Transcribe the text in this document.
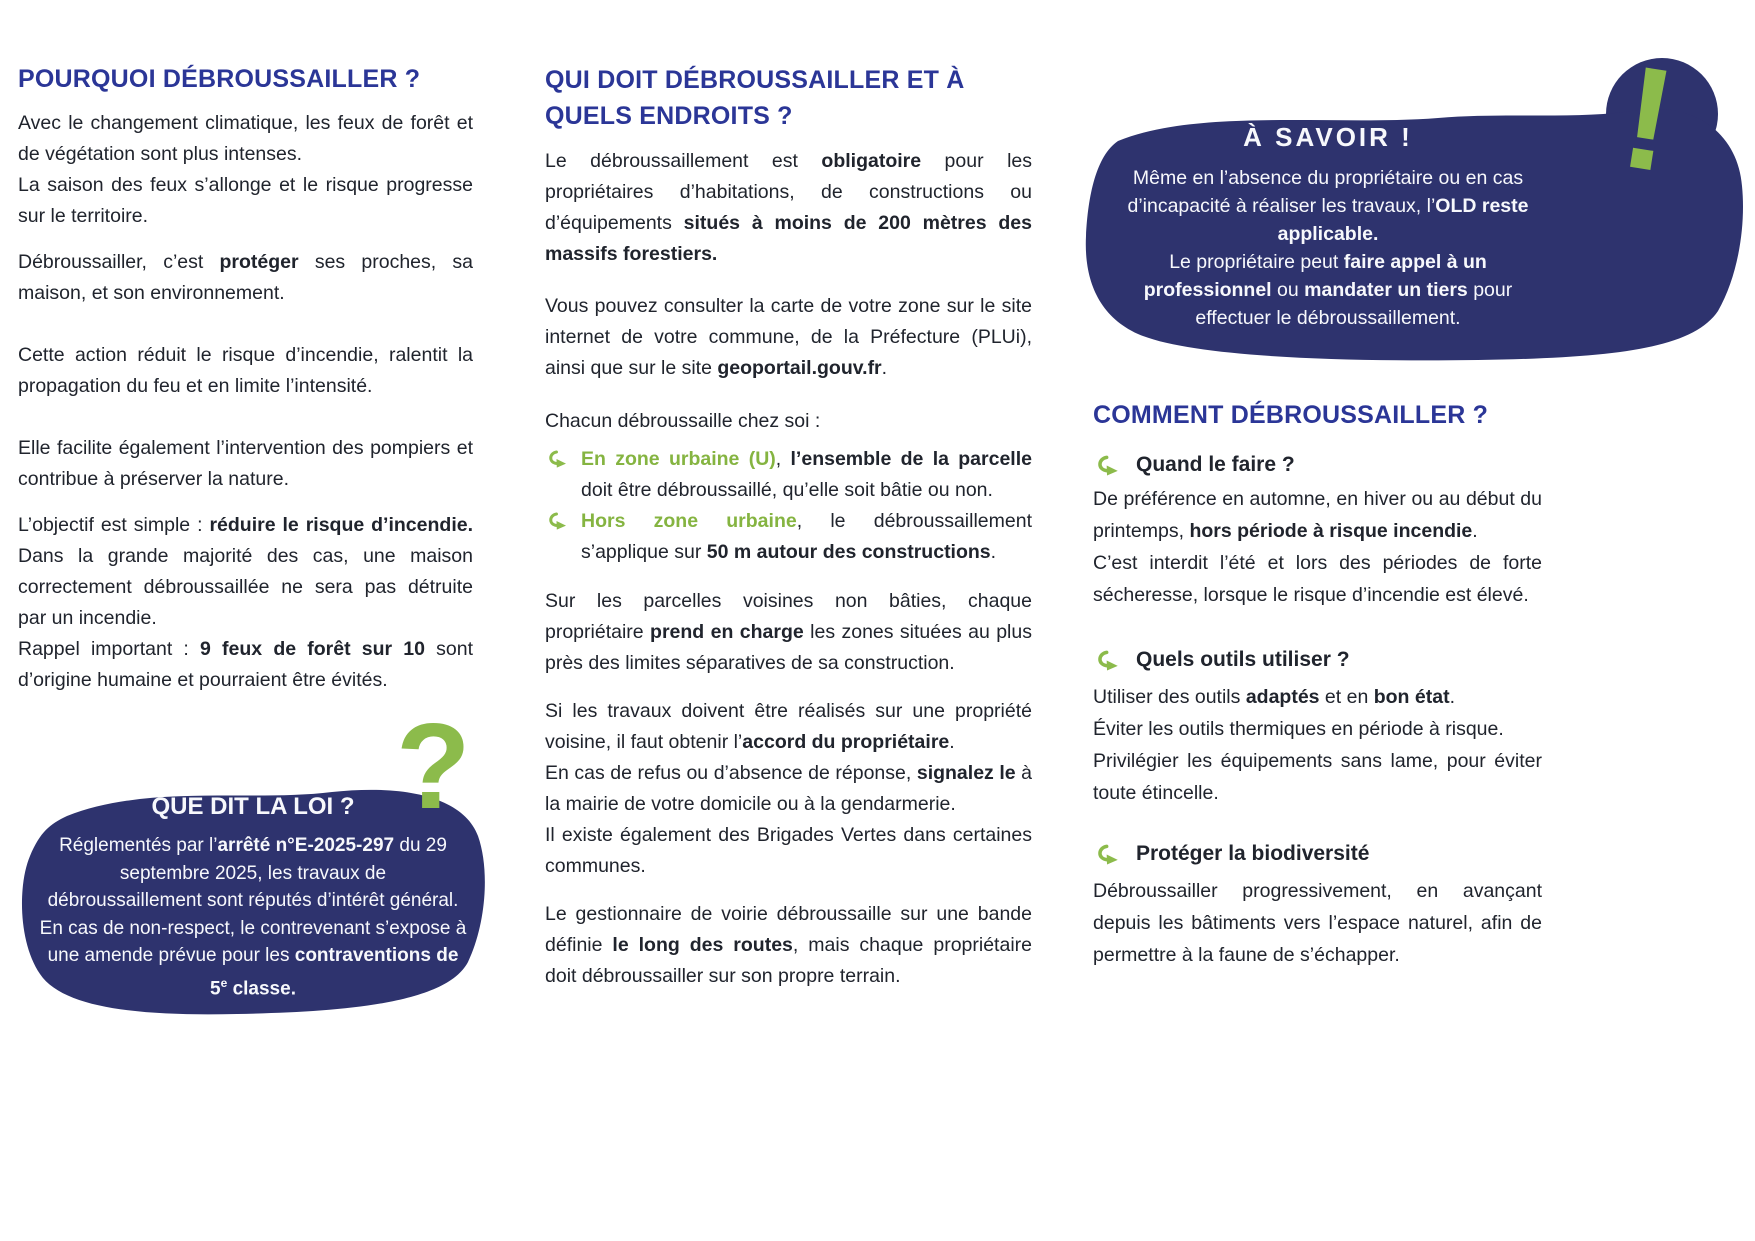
POURQUOI DÉBROUSSAILLER ?

Avec le changement climatique, les feux de forêt et de végétation sont plus intenses.

La saison des feux s’allonge et le risque progresse sur le territoire.

Débroussailler, c’est protéger ses proches, sa maison, et son environnement.

Cette action réduit le risque d’incendie, ralentit la propagation du feu et en limite l’intensité.

Elle facilite également l’intervention des pompiers et contribue à préserver la nature.

L’objectif est simple : réduire le risque d’incendie. Dans la grande majorité des cas, une maison correctement débroussaillée ne sera pas détruite par un incendie.
Rappel important : 9 feux de forêt sur 10 sont d’origine humaine et pourraient être évités.

?
QUE DIT LA LOI ?

Réglementés par l’arrêté n°E-2025-297 du 29
septembre 2025, les travaux de
débroussaillement sont réputés d’intérêt général.
En cas de non-respect, le contrevenant s’expose à
une amende prévue pour les contraventions de
5e classe.

QUI DOIT DÉBROUSSAILLER ET À QUELS ENDROITS ?

Le débroussaillement est obligatoire pour les propriétaires d’habitations, de constructions ou d’équipements situés à moins de 200 mètres des massifs forestiers.

Vous pouvez consulter la carte de votre zone sur le site internet de votre commune, de la Préfecture (PLUi), ainsi que sur le site geoportail.gouv.fr.

Chacun débroussaille chez soi :

En zone urbaine (U), l’ensemble de la parcelle doit être débroussaillé, qu’elle soit bâtie ou non.
Hors zone urbaine, le débroussaillement s’applique sur 50 m autour des constructions.

Sur les parcelles voisines non bâties, chaque propriétaire prend en charge les zones situées au plus près des limites séparatives de sa construction.

Si les travaux doivent être réalisés sur une propriété voisine, il faut obtenir l’accord du propriétaire.
En cas de refus ou d’absence de réponse, signalez le à la mairie de votre domicile ou à la gendarmerie.
Il existe également des Brigades Vertes dans certaines communes.

Le gestionnaire de voirie débroussaille sur une bande définie le long des routes, mais chaque propriétaire doit débroussailler sur son propre terrain.

!
À SAVOIR !

Même en l’absence du propriétaire ou en cas
d’incapacité à réaliser les travaux, l’OLD reste
applicable.
Le propriétaire peut faire appel à un
professionnel ou mandater un tiers pour
effectuer le débroussaillement.

COMMENT DÉBROUSSAILLER ?
Quand le faire ?

De préférence en automne, en hiver ou au début du printemps, hors période à risque incendie.
C’est interdit l’été et lors des périodes de forte sécheresse, lorsque le risque d’incendie est élevé.

Quels outils utiliser ?

Utiliser des outils adaptés et en bon état.
Éviter les outils thermiques en période à risque.
Privilégier les équipements sans lame, pour éviter toute étincelle.

Protéger la biodiversité

Débroussailler progressivement, en avançant depuis les bâtiments vers l’espace naturel, afin de permettre à la faune de s’échapper.
